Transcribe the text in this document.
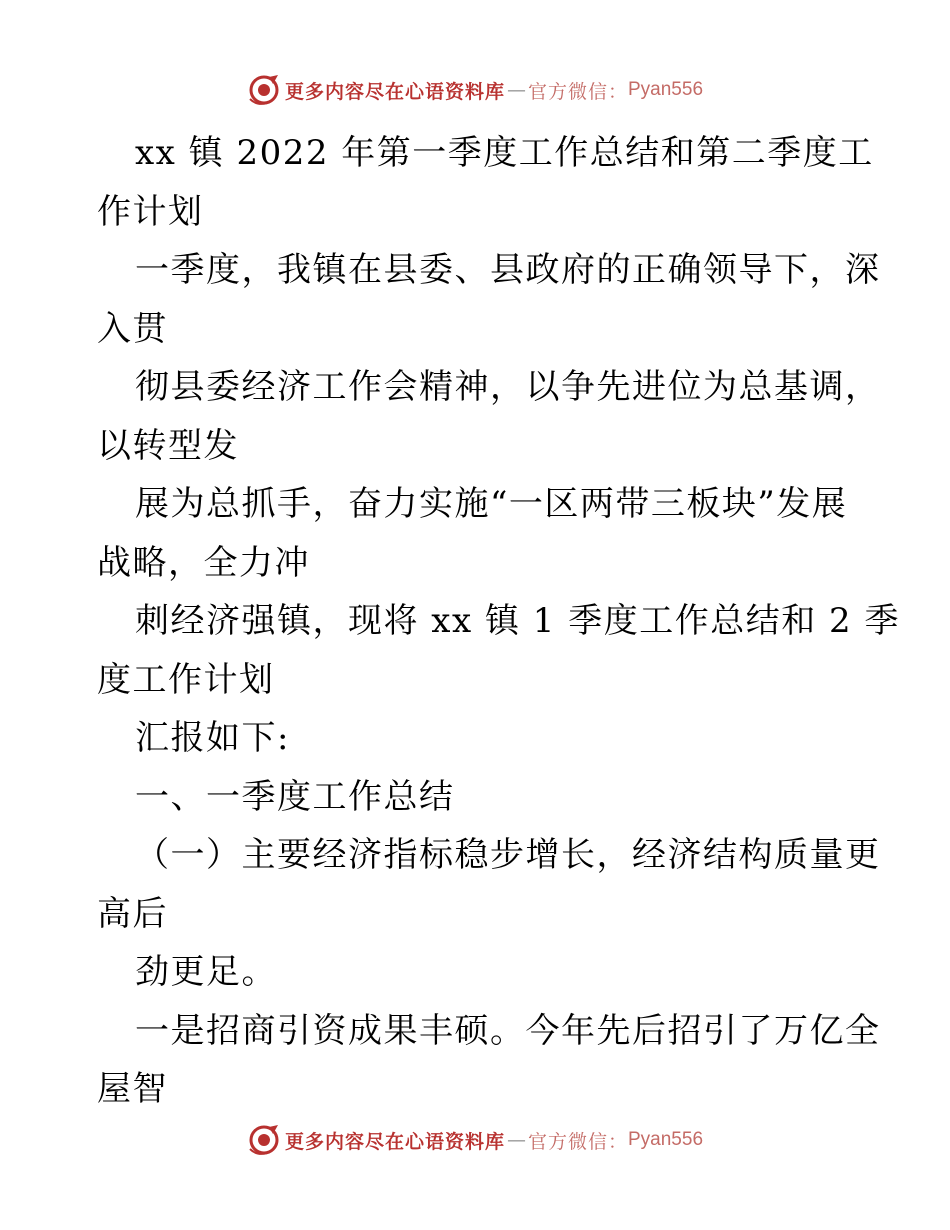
更多内容尽在心语资料库 — 官方微信： Pyan556
xx 镇 2022 年第一季度工作总结和第二季度工
作计划
一季度，我镇在县委、县政府的正确领导下，深
入贯
彻县委经济工作会精神，以争先进位为总基调，
以转型发
展为总抓手，奋力实施“一区两带三板块”发展
战略，全力冲
刺经济强镇，现将 xx 镇 1 季度工作总结和 2 季
度工作计划
汇报如下:
一、一季度工作总结
（一）主要经济指标稳步增长，经济结构质量更
高后
劲更足。
一是招商引资成果丰硕。今年先后招引了万亿全
屋智
更多内容尽在心语资料库 — 官方微信： Pyan556
